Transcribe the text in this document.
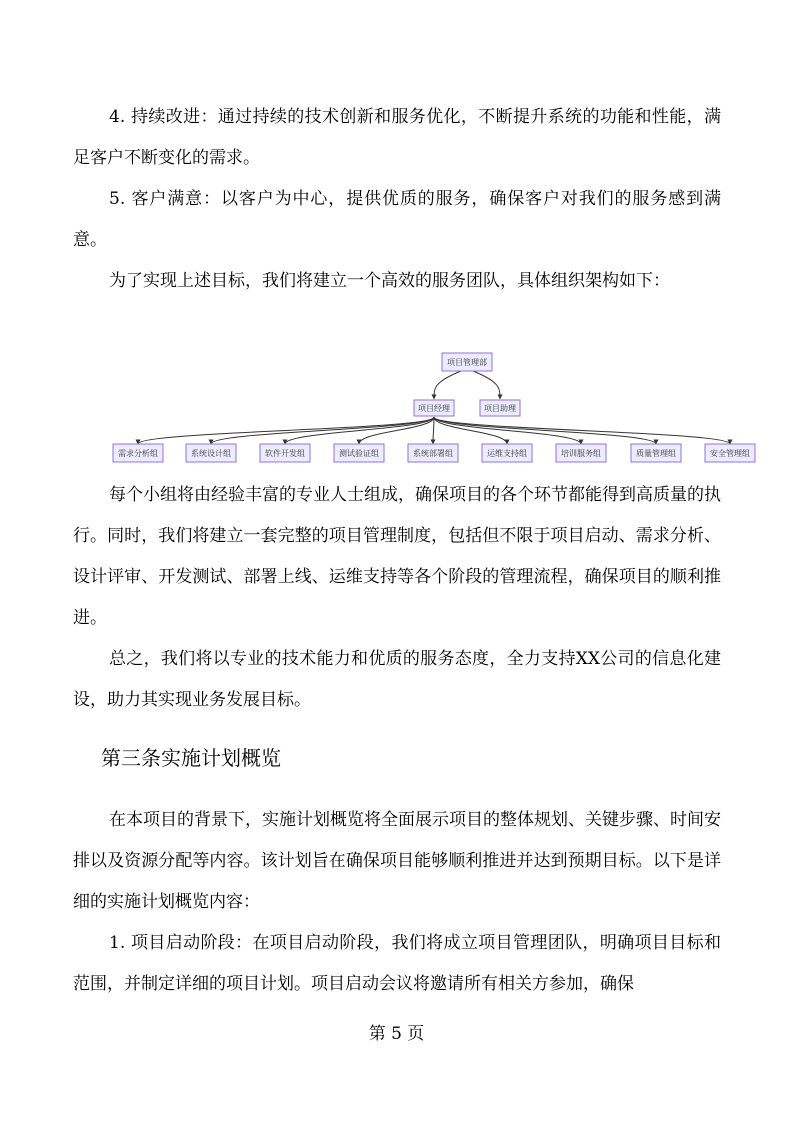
4. 持续改进：通过持续的技术创新和服务优化，不断提升系统的功能和性能，满足客户不断变化的需求。

5. 客户满意：以客户为中心，提供优质的服务，确保客户对我们的服务感到满意。

为了实现上述目标，我们将建立一个高效的服务团队，具体组织架构如下：

项目管理部
项目经理	项目助理
需求分析组	系统设计组	软件开发组	测试验证组	系统部署组	运维支持组	培训服务组	质量管理组	安全管理组

每个小组将由经验丰富的专业人士组成，确保项目的各个环节都能得到高质量的执行。同时，我们将建立一套完整的项目管理制度，包括但不限于项目启动、需求分析、设计评审、开发测试、部署上线、运维支持等各个阶段的管理流程，确保项目的顺利推进。

总之，我们将以专业的技术能力和优质的服务态度，全力支持XX公司的信息化建设，助力其实现业务发展目标。

第三条实施计划概览

在本项目的背景下，实施计划概览将全面展示项目的整体规划、关键步骤、时间安排以及资源分配等内容。该计划旨在确保项目能够顺利推进并达到预期目标。以下是详细的实施计划概览内容：

1. 项目启动阶段：在项目启动阶段，我们将成立项目管理团队，明确项目目标和范围，并制定详细的项目计划。项目启动会议将邀请所有相关方参加，确保

第 5 页
